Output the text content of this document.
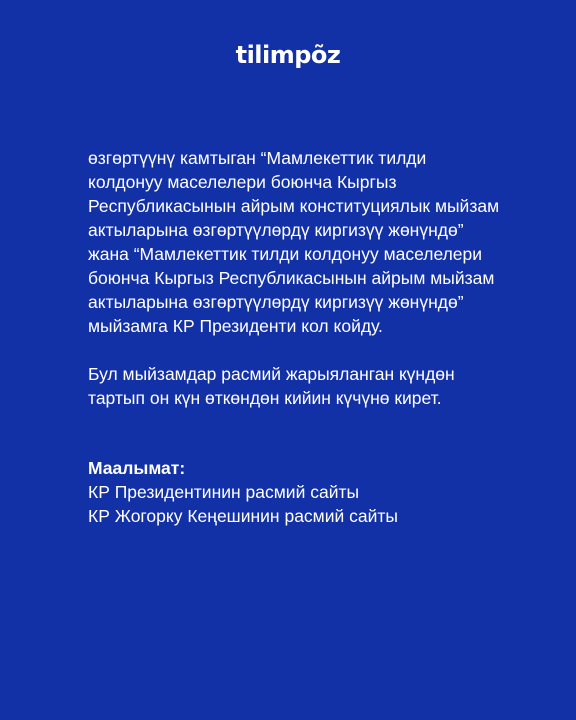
tilimpõz

өзгөртүүнү камтыган “Мамлекеттик тилди
колдонуу маселелери боюнча Кыргыз
Республикасынын айрым конституциялык мыйзам
актыларына өзгөртүүлөрдү киргизүү жөнүндө”
жана “Мамлекеттик тилди колдонуу маселелери
боюнча Кыргыз Республикасынын айрым мыйзам
актыларына өзгөртүүлөрдү киргизүү жөнүндө”
мыйзамга КР Президенти кол койду.

Бул мыйзамдар расмий жарыяланган күндөн
тартып он күн өткөндөн кийин күчүнө кирет.

Маалымат:
КР Президентинин расмий сайты
КР Жогорку Кеңешинин расмий сайты
